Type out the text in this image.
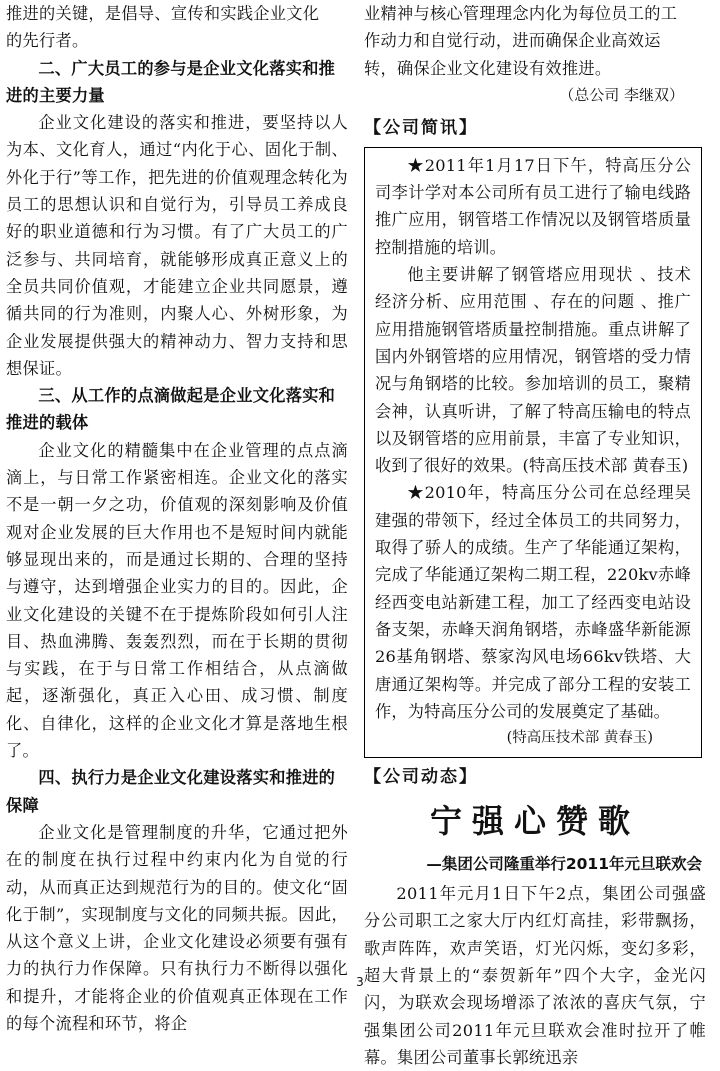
推进的关键，是倡导、宣传和实践企业文化

的先行者。

二、广大员工的参与是企业文化落实和推进的主要力量

企业文化建设的落实和推进，要坚持以人为本、文化育人，通过“内化于心、固化于制、外化于行”等工作，把先进的价值观理念转化为员工的思想认识和自觉行为，引导员工养成良好的职业道德和行为习惯。有了广大员工的广泛参与、共同培育，就能够形成真正意义上的全员共同价值观，才能建立企业共同愿景，遵循共同的行为准则，内聚人心、外树形象，为企业发展提供强大的精神动力、智力支持和思想保证。

三、从工作的点滴做起是企业文化落实和推进的载体

企业文化的精髓集中在企业管理的点点滴滴上，与日常工作紧密相连。企业文化的落实不是一朝一夕之功，价值观的深刻影响及价值观对企业发展的巨大作用也不是短时间内就能够显现出来的，而是通过长期的、合理的坚持与遵守，达到增强企业实力的目的。因此，企业文化建设的关键不在于提炼阶段如何引人注目、热血沸腾、轰轰烈烈，而在于长期的贯彻与实践，在于与日常工作相结合，从点滴做起，逐渐强化，真正入心田、成习惯、制度化、自律化，这样的企业文化才算是落地生根了。

四、执行力是企业文化建设落实和推进的保障

企业文化是管理制度的升华，它通过把外在的制度在执行过程中约束内化为自觉的行动，从而真正达到规范行为的目的。使文化“固化于制”，实现制度与文化的同频共振。因此，从这个意义上讲，企业文化建设必须要有强有力的执行力作保障。只有执行力不断得以强化和提升，才能将企业的价值观真正体现在工作的每个流程和环节，将企

业精神与核心管理理念内化为每位员工的工

作动力和自觉行动，进而确保企业高效运

转，确保企业文化建设有效推进。

（总公司 李继双）

【公司简讯】

★2011年1月17日下午，特高压分公司李计学对本公司所有员工进行了输电线路推广应用，钢管塔工作情况以及钢管塔质量控制措施的培训。

他主要讲解了钢管塔应用现状 、技术经济分析、应用范围 、存在的问题 、推广应用措施钢管塔质量控制措施。重点讲解了国内外钢管塔的应用情况，钢管塔的受力情况与角钢塔的比较。参加培训的员工，聚精会神，认真听讲，了解了特高压输电的特点以及钢管塔的应用前景，丰富了专业知识，收到了很好的效果。(特高压技术部 黄春玉)

★2010年，特高压分公司在总经理吴建强的带领下，经过全体员工的共同努力，取得了骄人的成绩。生产了华能通辽架构，完成了华能通辽架构二期工程，220kv赤峰经西变电站新建工程，加工了经西变电站设备支架，赤峰天润角钢塔，赤峰盛华新能源26基角钢塔、蔡家沟风电场66kv铁塔、大唐通辽架构等。并完成了部分工程的安装工作，为特高压分公司的发展奠定了基础。

(特高压技术部 黄春玉)

【公司动态】
宁强心赞歌
—集团公司隆重举行2011年元旦联欢会

2011年元月1日下午2点，集团公司强盛分公司职工之家大厅内红灯高挂，彩带飘扬，歌声阵阵，欢声笑语，灯光闪烁，变幻多彩，超大背景上的“泰贺新年”四个大字，金光闪闪，为联欢会现场增添了浓浓的喜庆气氛，宁强集团公司2011年元旦联欢会准时拉开了帷幕。集团公司董事长郭统迅亲

3
